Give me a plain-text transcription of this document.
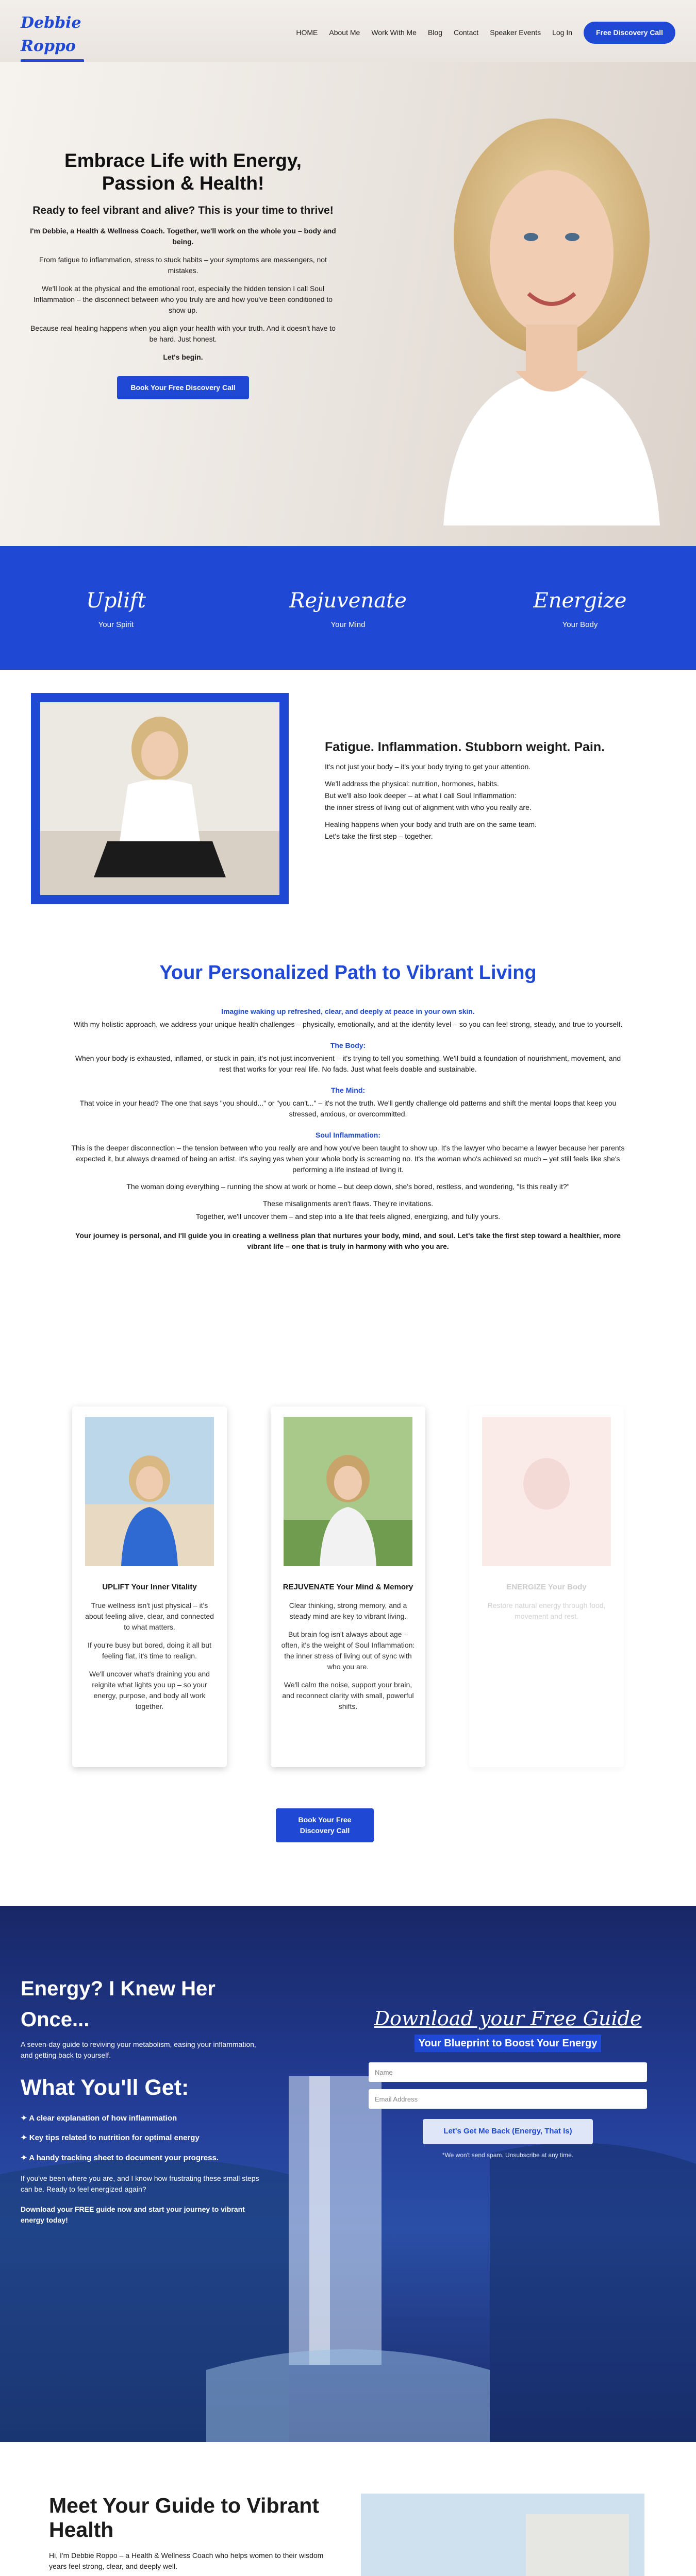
Debbie Roppo
HOME About Me Work With Me Blog Contact Speaker Events Log In	Free Discovery Call
Embrace Life with Energy, Passion & Health!
Ready to feel vibrant and alive? This is your time to thrive!

I'm Debbie, a Health & Wellness Coach. Together, we'll work on the whole you – body and being.

From fatigue to inflammation, stress to stuck habits – your symptoms are messengers, not mistakes.

We'll look at the physical and the emotional root, especially the hidden tension I call Soul Inflammation – the disconnect between who you truly are and how you've been conditioned to show up.

Because real healing happens when you align your health with your truth. And it doesn't have to be hard. Just honest.

Let's begin.

Book Your Free Discovery Call
Uplift
Your Spirit
Rejuvenate
Your Mind
Energize
Your Body
Fatigue. Inflammation. Stubborn weight. Pain.

It's not just your body – it's your body trying to get your attention.

We'll address the physical: nutrition, hormones, habits.

But we'll also look deeper – at what I call Soul Inflammation:

the inner stress of living out of alignment with who you really are.

Healing happens when your body and truth are on the same team.

Let's take the first step – together.

Your Personalized Path to Vibrant Living
Imagine waking up refreshed, clear, and deeply at peace in your own skin.
With my holistic approach, we address your unique health challenges – physically, emotionally, and at the identity level – so you can feel strong, steady, and true to yourself.
The Body:
When your body is exhausted, inflamed, or stuck in pain, it's not just inconvenient – it's trying to tell you something. We'll build a foundation of nourishment, movement, and rest that works for your real life. No fads. Just what feels doable and sustainable.
The Mind:
That voice in your head? The one that says "you should..." or "you can't..." – it's not the truth. We'll gently challenge old patterns and shift the mental loops that keep you stressed, anxious, or overcommitted.
Soul Inflammation:
This is the deeper disconnection – the tension between who you really are and how you've been taught to show up. It's the lawyer who became a lawyer because her parents expected it, but always dreamed of being an artist. It's saying yes when your whole body is screaming no. It's the woman who's achieved so much – yet still feels like she's performing a life instead of living it.
The woman doing everything – running the show at work or home – but deep down, she's bored, restless, and wondering, "Is this really it?"
These misalignments aren't flaws. They're invitations.
Together, we'll uncover them – and step into a life that feels aligned, energizing, and fully yours.
Your journey is personal, and I'll guide you in creating a wellness plan that nurtures your body, mind, and soul. Let's take the first step toward a healthier, more vibrant life – one that is truly in harmony with who you are.
UPLIFT Your Inner Vitality

True wellness isn't just physical – it's about feeling alive, clear, and connected to what matters.

If you're busy but bored, doing it all but feeling flat, it's time to realign.

We'll uncover what's draining you and reignite what lights you up – so your energy, purpose, and body all work together.

REJUVENATE Your Mind & Memory

Clear thinking, strong memory, and a steady mind are key to vibrant living.

But brain fog isn't always about age – often, it's the weight of Soul Inflammation: the inner stress of living out of sync with who you are.

We'll calm the noise, support your brain, and reconnect clarity with small, powerful shifts.

ENERGIZE Your Body

Restore natural energy through food, movement and rest.

Book Your Free Discovery Call
Energy? I Knew Her Once...
A seven-day guide to reviving your metabolism, easing your inflammation, and getting back to yourself.
What You'll Get:
✦ A clear explanation of how inflammation
✦ Key tips related to nutrition for optimal energy
✦ A handy tracking sheet to document your progress.
If you've been where you are, and I know how frustrating these small steps can be. Ready to feel energized again?
Download your FREE guide now and start your journey to vibrant energy today!
Download your Free Guide
Your Blueprint to Boost Your Energy
Name
Email Address
Let's Get Me Back (Energy, That Is)
*We won't send spam. Unsubscribe at any time.
Meet Your Guide to Vibrant Health

Hi, I'm Debbie Roppo – a Health & Wellness Coach who helps women to their wisdom years feel strong, clear, and deeply well.
